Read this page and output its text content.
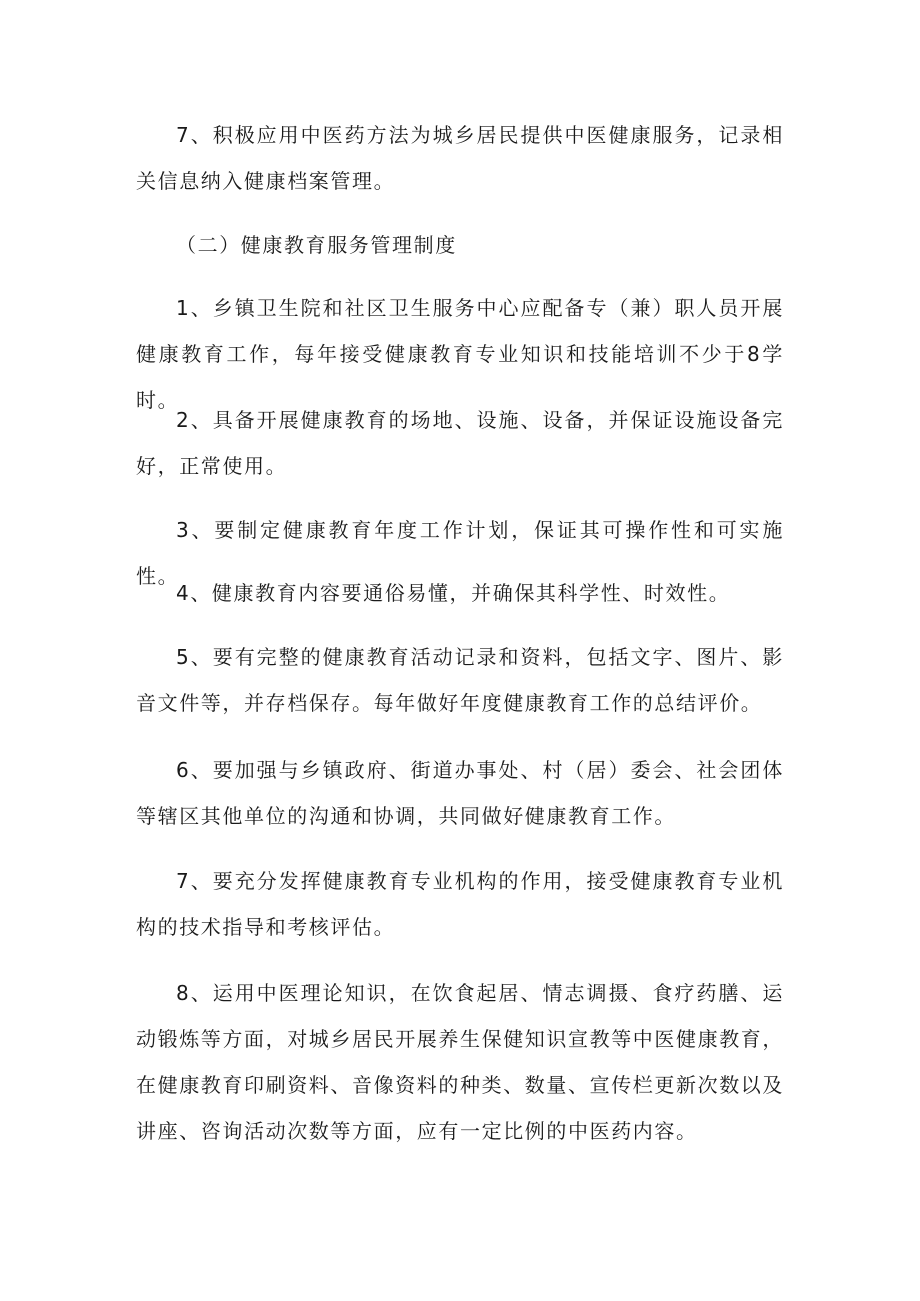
7、积极应用中医药方法为城乡居民提供中医健康服务，记录相关信息纳入健康档案管理。

（二）健康教育服务管理制度

1、乡镇卫生院和社区卫生服务中心应配备专（兼）职人员开展健康教育工作，每年接受健康教育专业知识和技能培训不少于8学时。

2、具备开展健康教育的场地、设施、设备，并保证设施设备完好，正常使用。

3、要制定健康教育年度工作计划，保证其可操作性和可实施性。

4、健康教育内容要通俗易懂，并确保其科学性、时效性。

5、要有完整的健康教育活动记录和资料，包括文字、图片、影音文件等，并存档保存。每年做好年度健康教育工作的总结评价。

6、要加强与乡镇政府、街道办事处、村（居）委会、社会团体等辖区其他单位的沟通和协调，共同做好健康教育工作。

7、要充分发挥健康教育专业机构的作用，接受健康教育专业机构的技术指导和考核评估。

8、运用中医理论知识，在饮食起居、情志调摄、食疗药膳、运动锻炼等方面，对城乡居民开展养生保健知识宣教等中医健康教育，在健康教育印刷资料、音像资料的种类、数量、宣传栏更新次数以及讲座、咨询活动次数等方面，应有一定比例的中医药内容。
